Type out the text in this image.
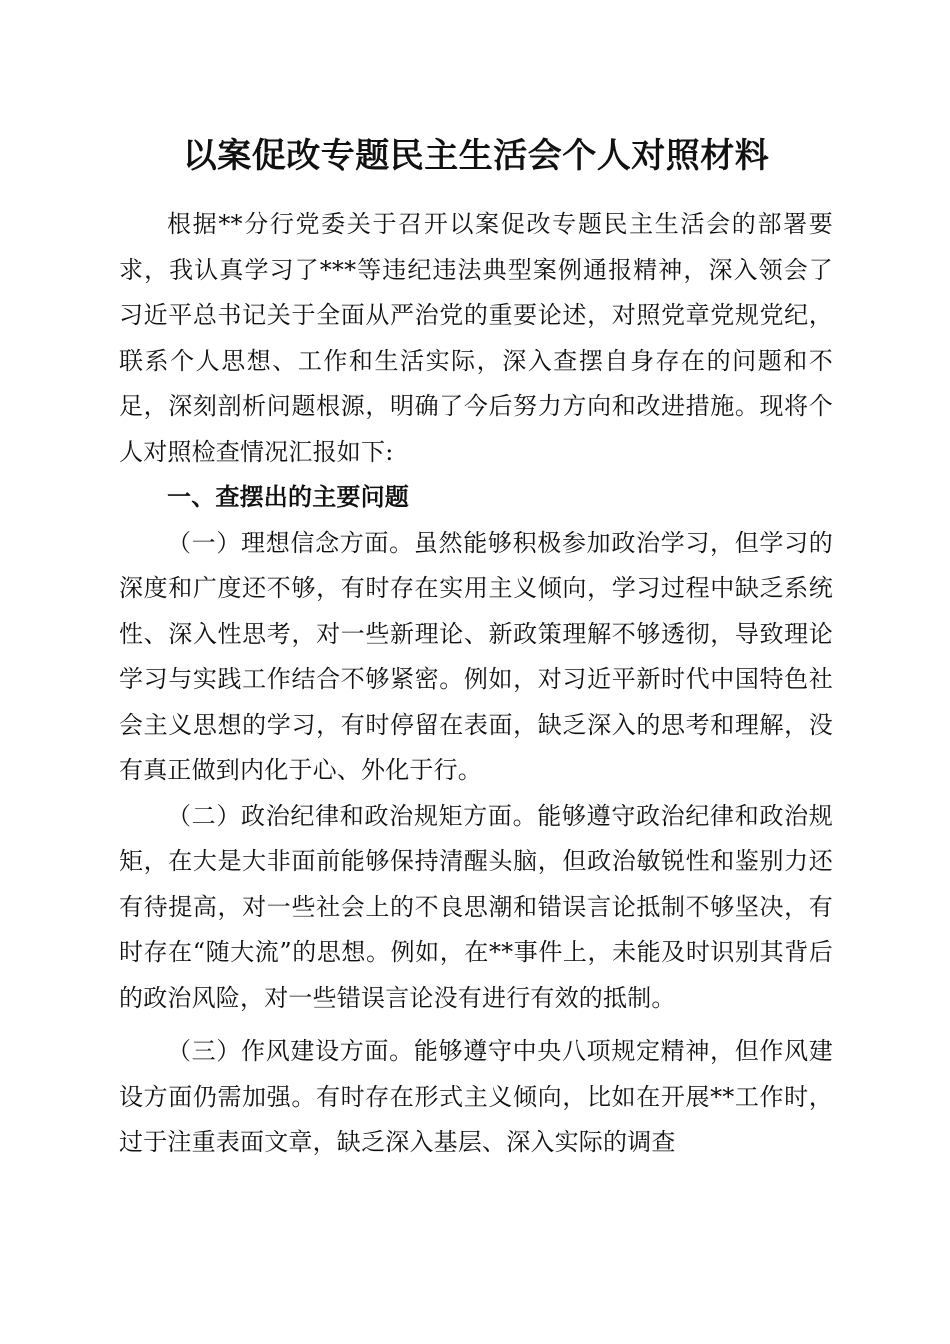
以案促改专题民主生活会个人对照材料

根据**分行党委关于召开以案促改专题民主生活会的部署要求，我认真学习了***等违纪违法典型案例通报精神，深入领会了习近平总书记关于全面从严治党的重要论述，对照党章党规党纪，联系个人思想、工作和生活实际，深入查摆自身存在的问题和不足，深刻剖析问题根源，明确了今后努力方向和改进措施。现将个人对照检查情况汇报如下:

一、查摆出的主要问题

（一）理想信念方面。虽然能够积极参加政治学习，但学习的深度和广度还不够，有时存在实用主义倾向，学习过程中缺乏系统性、深入性思考，对一些新理论、新政策理解不够透彻，导致理论学习与实践工作结合不够紧密。例如，对习近平新时代中国特色社会主义思想的学习，有时停留在表面，缺乏深入的思考和理解，没有真正做到内化于心、外化于行。

（二）政治纪律和政治规矩方面。能够遵守政治纪律和政治规矩，在大是大非面前能够保持清醒头脑，但政治敏锐性和鉴别力还有待提高，对一些社会上的不良思潮和错误言论抵制不够坚决，有时存在“随大流”的思想。例如，在**事件上，未能及时识别其背后的政治风险，对一些错误言论没有进行有效的抵制。

（三）作风建设方面。能够遵守中央八项规定精神，但作风建设方面仍需加强。有时存在形式主义倾向，比如在开展**工作时，过于注重表面文章，缺乏深入基层、深入实际的调查
